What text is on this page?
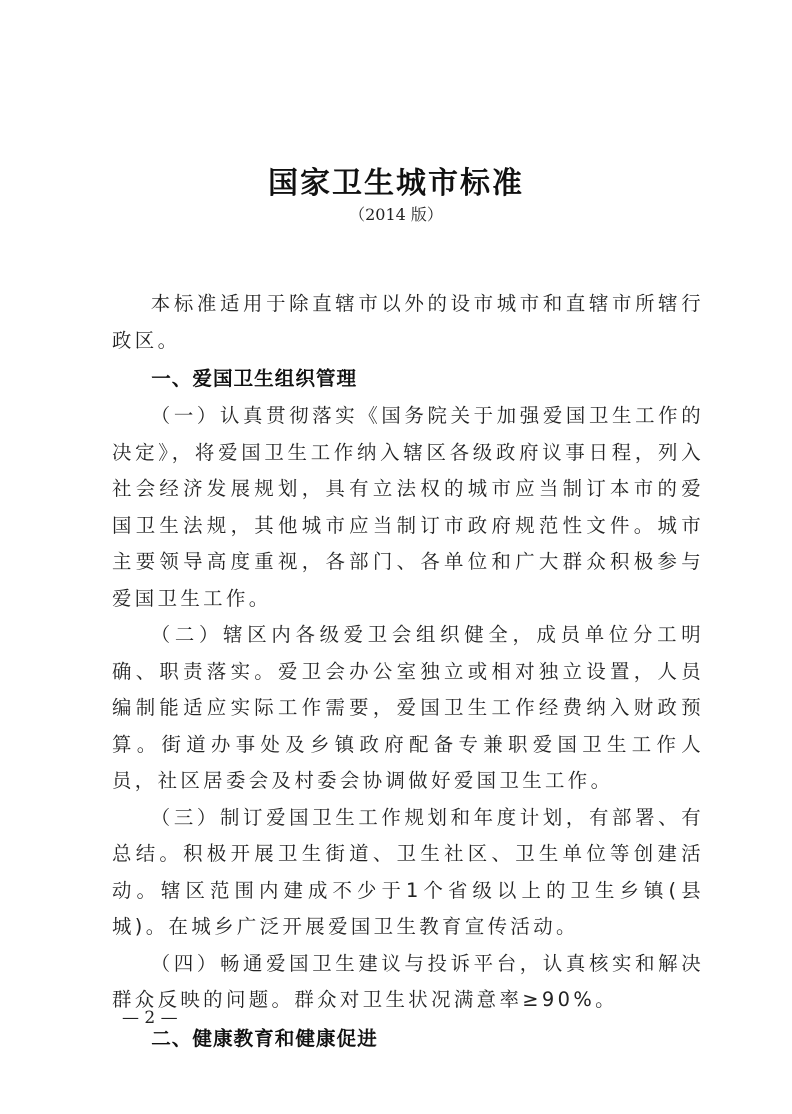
国家卫生城市标准
（2014 版）

本标准适用于除直辖市以外的设市城市和直辖市所辖行政区。

一、爱国卫生组织管理

（一）认真贯彻落实《国务院关于加强爱国卫生工作的决定》，将爱国卫生工作纳入辖区各级政府议事日程，列入社会经济发展规划，具有立法权的城市应当制订本市的爱国卫生法规，其他城市应当制订市政府规范性文件。城市主要领导高度重视，各部门、各单位和广大群众积极参与爱国卫生工作。

（二）辖区内各级爱卫会组织健全，成员单位分工明确、职责落实。爱卫会办公室独立或相对独立设置，人员编制能适应实际工作需要，爱国卫生工作经费纳入财政预算。街道办事处及乡镇政府配备专兼职爱国卫生工作人员，社区居委会及村委会协调做好爱国卫生工作。

（三）制订爱国卫生工作规划和年度计划，有部署、有总结。积极开展卫生街道、卫生社区、卫生单位等创建活动。辖区范围内建成不少于1个省级以上的卫生乡镇(县城)。在城乡广泛开展爱国卫生教育宣传活动。

（四）畅通爱国卫生建议与投诉平台，认真核实和解决群众反映的问题。群众对卫生状况满意率≥90%。

二、健康教育和健康促进
— 2 —
